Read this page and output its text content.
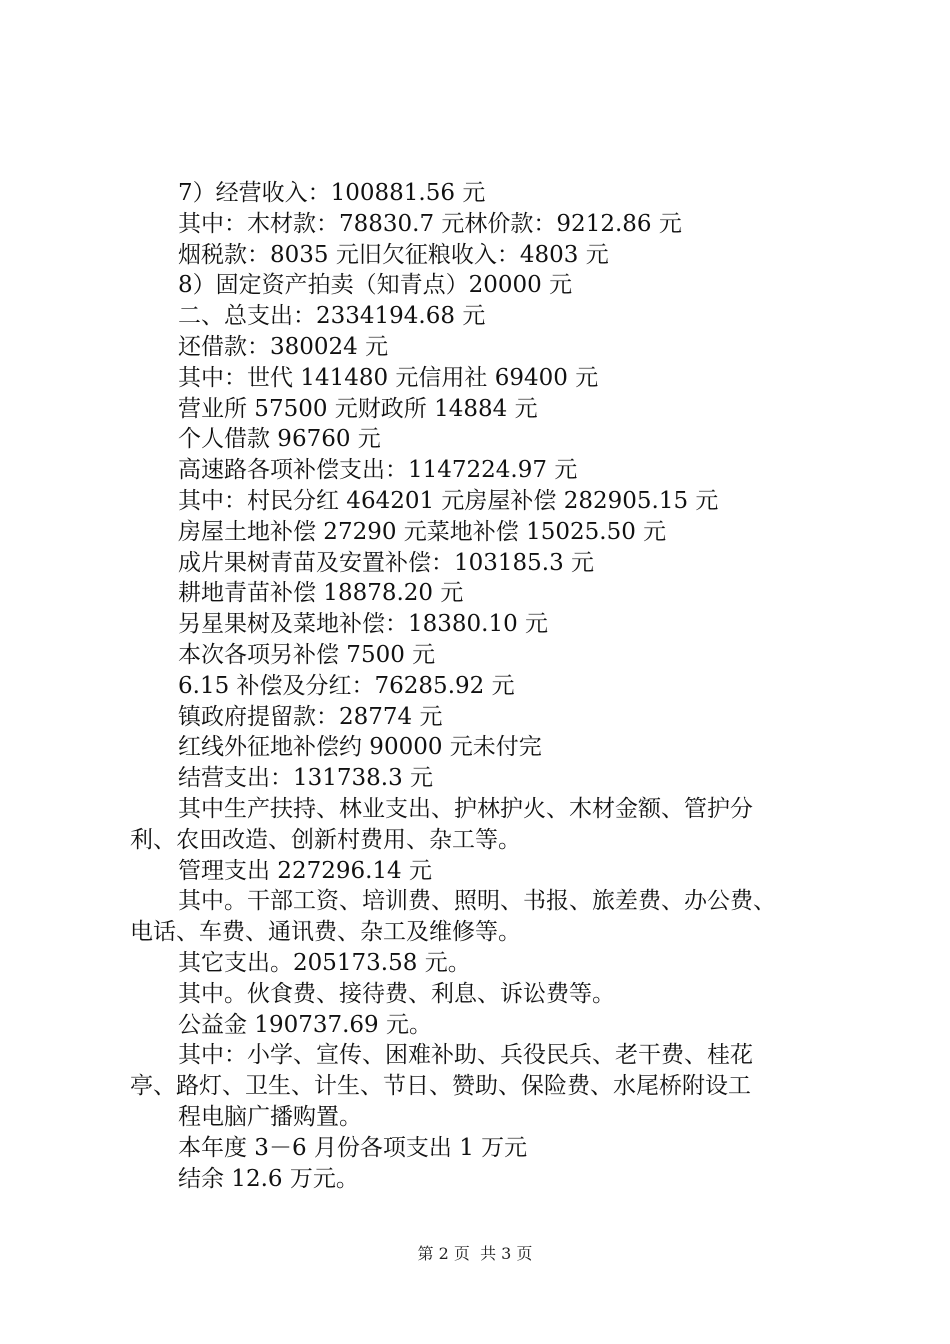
7）经营收入：100881.56 元
其中：木材款：78830.7 元林价款：9212.86 元
烟税款：8035 元旧欠征粮收入：4803 元
8）固定资产拍卖（知青点）20000 元
二、总支出：2334194.68 元
还借款：380024 元
其中：世代 141480 元信用社 69400 元
营业所 57500 元财政所 14884 元
个人借款 96760 元
高速路各项补偿支出：1147224.97 元
其中：村民分红 464201 元房屋补偿 282905.15 元
房屋土地补偿 27290 元菜地补偿 15025.50 元
成片果树青苗及安置补偿：103185.3 元
耕地青苗补偿 18878.20 元
另星果树及菜地补偿：18380.10 元
本次各项另补偿 7500 元
6.15 补偿及分红：76285.92 元
镇政府提留款：28774 元
红线外征地补偿约 90000 元未付完
结营支出：131738.3 元
其中生产扶持、林业支出、护林护火、木材金额、管护分
利、农田改造、创新村费用、杂工等。
管理支出 227296.14 元
其中。干部工资、培训费、照明、书报、旅差费、办公费、
电话、车费、通讯费、杂工及维修等。
其它支出。205173.58 元。
其中。伙食费、接待费、利息、诉讼费等。
公益金 190737.69 元。
其中：小学、宣传、困难补助、兵役民兵、老干费、桂花
亭、路灯、卫生、计生、节日、赞助、保险费、水尾桥附设工
程电脑广播购置。
本年度 3－6 月份各项支出 1 万元
结余 12.6 万元。
第 2 页  共 3 页
